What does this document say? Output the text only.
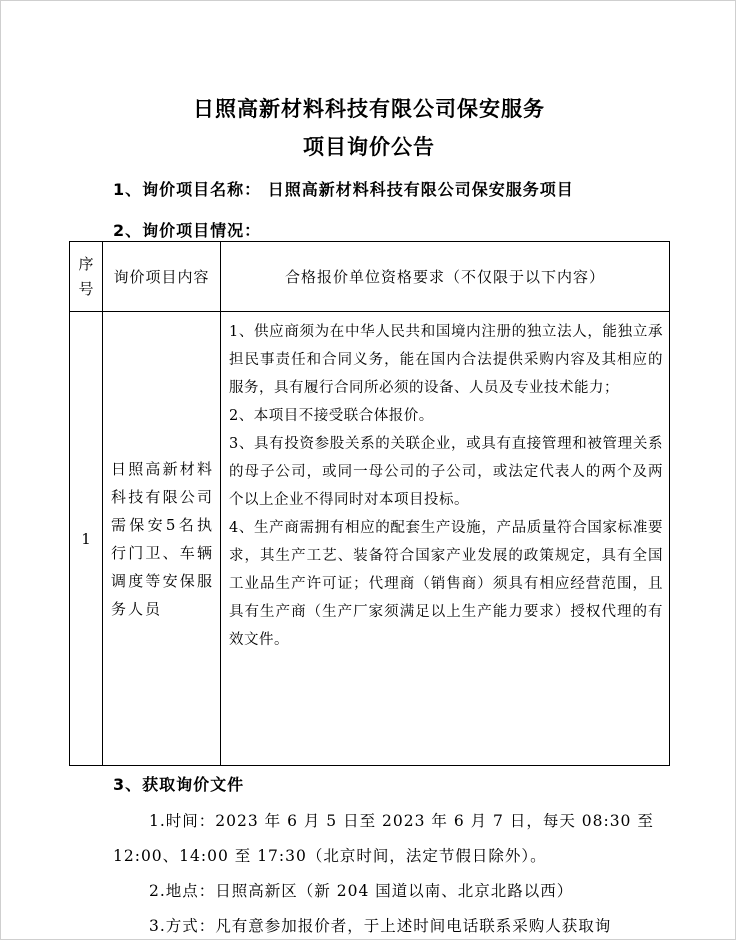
日照高新材料科技有限公司保安服务
项目询价公告
1、询价项目名称： 日照高新材料科技有限公司保安服务项目
2、询价项目情况：
序
号	询价项目内容	合格报价单位资格要求（不仅限于以下内容）
1	日照高新材料科技有限公司需保安5名执行门卫、车辆调度等安保服务人员	1、供应商须为在中华人民共和国境内注册的独立法人，能独立承担民事责任和合同义务，能在国内合法提供采购内容及其相应的服务，具有履行合同所必须的设备、人员及专业技术能力；

2、本项目不接受联合体报价。

3、具有投资参股关系的关联企业，或具有直接管理和被管理关系的母子公司，或同一母公司的子公司，或法定代表人的两个及两个以上企业不得同时对本项目投标。

4、生产商需拥有相应的配套生产设施，产品质量符合国家标准要求，其生产工艺、装备符合国家产业发展的政策规定，具有全国工业品生产许可证；代理商（销售商）须具有相应经营范围，且具有生产商（生产厂家须满足以上生产能力要求）授权代理的有效文件。

3、获取询价文件
1.时间：2023 年 6 月 5 日至 2023 年 6 月 7 日，每天 08:30 至
12:00、14:00 至 17:30（北京时间，法定节假日除外）。
2.地点：日照高新区（新 204 国道以南、北京北路以西）
3.方式：凡有意参加报价者，于上述时间电话联系采购人获取询
